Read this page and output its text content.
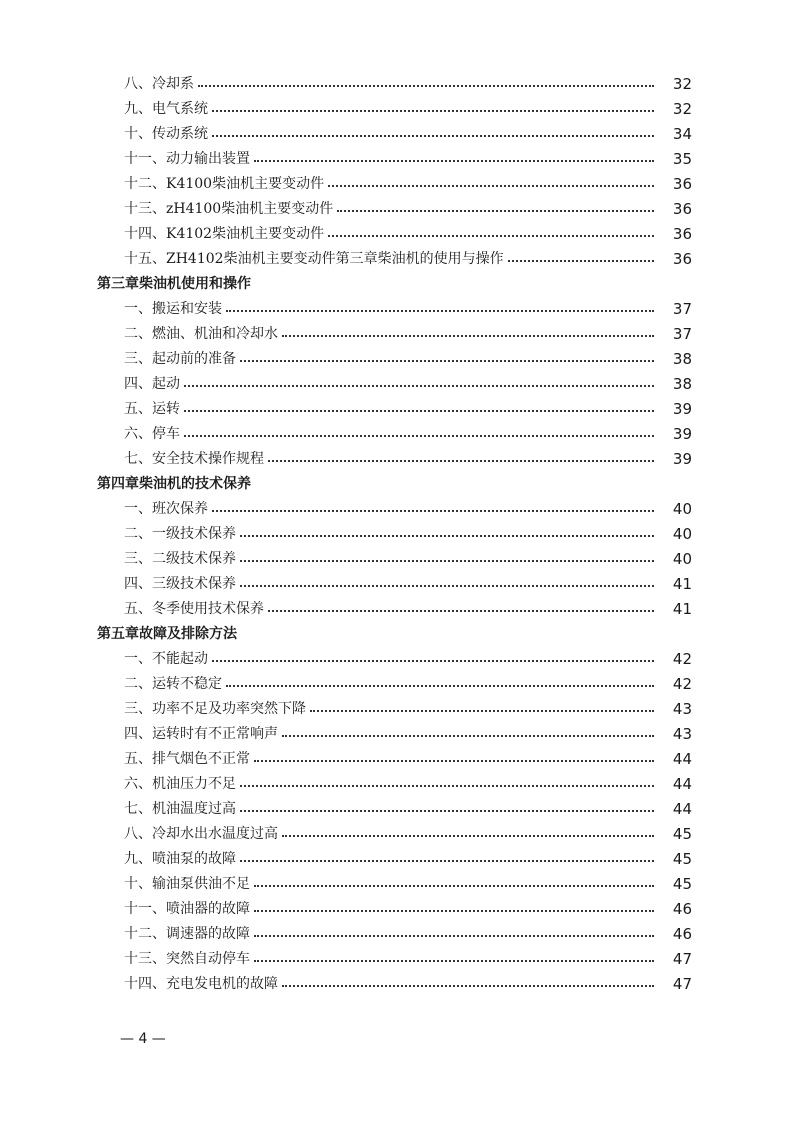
八、冷却系	32
九、电气系统	32
十、传动系统	34
十一、动力输出装置	35
十二、K4100柴油机主要变动件	36
十三、zH4100柴油机主要变动件	36
十四、K4102柴油机主要变动件	36
十五、ZH4102柴油机主要变动件第三章柴油机的使用与操作	36
第三章柴油机使用和操作
一、搬运和安装	37
二、燃油、机油和冷却水	37
三、起动前的准备	38
四、起动	38
五、运转	39
六、停车	39
七、安全技术操作规程	39
第四章柴油机的技术保养
一、班次保养	40
二、一级技术保养	40
三、二级技术保养	40
四、三级技术保养	41
五、冬季使用技术保养	41
第五章故障及排除方法
一、不能起动	42
二、运转不稳定	42
三、功率不足及功率突然下降	43
四、运转时有不正常响声	43
五、排气烟色不正常	44
六、机油压力不足	44
七、机油温度过高	44
八、冷却水出水温度过高	45
九、喷油泵的故障	45
十、输油泵供油不足	45
十一、喷油器的故障	46
十二、调速器的故障	46
十三、突然自动停车	47
十四、充电发电机的故障	47
— 4 —
